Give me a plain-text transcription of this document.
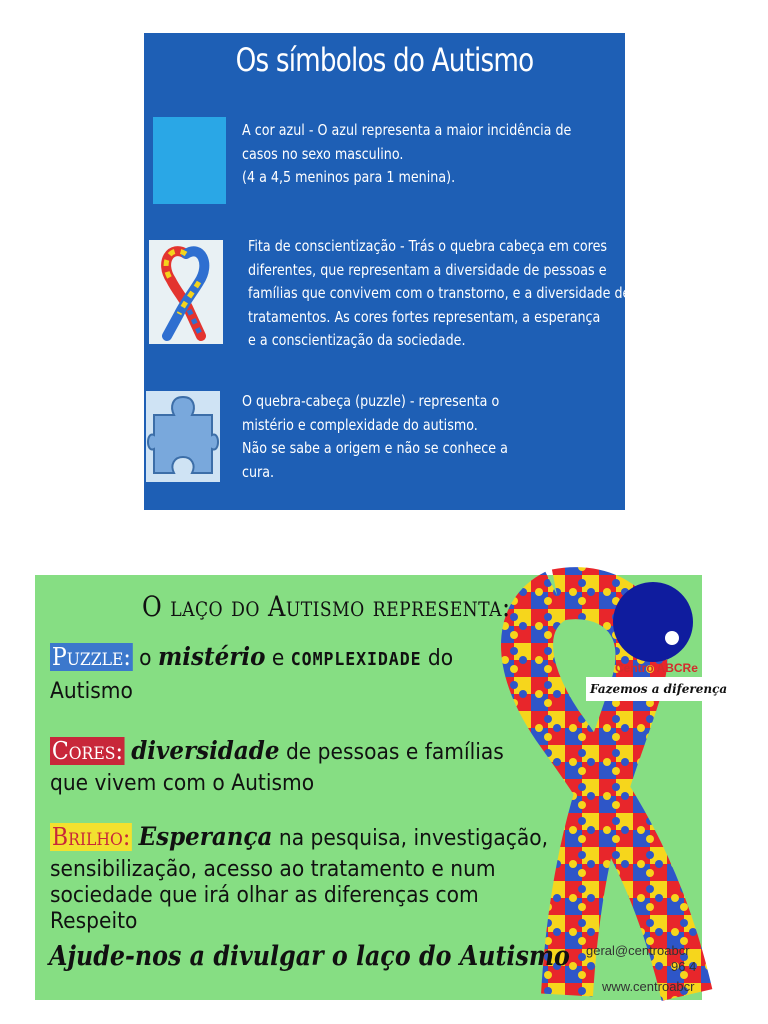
Os símbolos do Autismo
A cor azul - O azul representa a maior incidência de
casos no sexo masculino.
(4 a 4,5 meninos para 1 menina).
Fita de conscientização - Trás o quebra cabeça em cores
diferentes, que representam a diversidade de pessoas e
famílias que convivem com o transtorno, e a diversidade de
tratamentos. As cores fortes representam, a esperança
e a conscientização da sociedade.
O quebra-cabeça (puzzle) - representa o
mistério e complexidade do autismo.
Não se sabe a origem e não se conhece a
cura.
Centro ABCRe
Fazemos a diferença
O laço do Autismo representa:
Puzzle: o mistério e COMPLEXIDADE do
Autismo
Cores: diversidade de pessoas e famílias
que vivem com o Autismo
Brilho: Esperança na pesquisa, investigação,
sensibilização, acesso ao tratamento e num
sociedade que irá olhar as diferenças com
Respeito
Ajude-nos a divulgar o laço do Autismo geral@centroabcr
96 4
www.centroabcr
